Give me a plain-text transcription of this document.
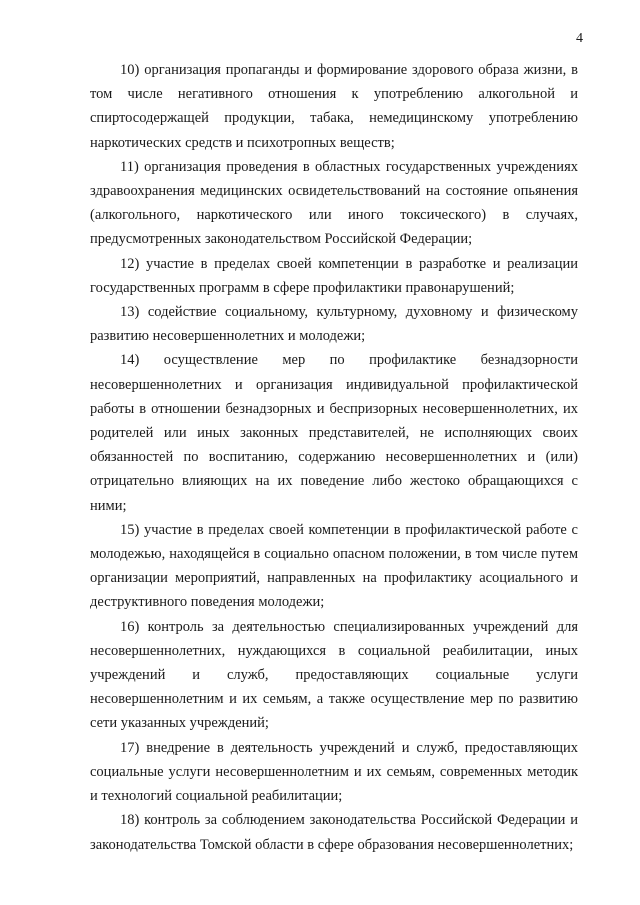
4

10) организация пропаганды и формирование здорового образа жизни, в том числе негативного отношения к употреблению алкогольной и спиртосодержащей продукции, табака, немедицинскому употреблению наркотических средств и психотропных веществ;

11) организация проведения в областных государственных учреждениях здравоохранения медицинских освидетельствований на состояние опьянения (алкогольного, наркотического или иного токсического) в случаях, предусмотренных законодательством Российской Федерации;

12) участие в пределах своей компетенции в разработке и реализации государственных программ в сфере профилактики правонарушений;

13) содействие социальному, культурному, духовному и физическому развитию несовершеннолетних и молодежи;

14) осуществление мер по профилактике безнадзорности несовершеннолетних и организация индивидуальной профилактической работы в отношении безнадзорных и беспризорных несовершеннолетних, их родителей или иных законных представителей, не исполняющих своих обязанностей по воспитанию, содержанию несовершеннолетних и (или) отрицательно влияющих на их поведение либо жестоко обращающихся с ними;

15) участие в пределах своей компетенции в профилактической работе с молодежью, находящейся в социально опасном положении, в том числе путем организации мероприятий, направленных на профилактику асоциального и деструктивного поведения молодежи;

16) контроль за деятельностью специализированных учреждений для несовершеннолетних, нуждающихся в социальной реабилитации, иных учреждений и служб, предоставляющих социальные услуги несовершеннолетним и их семьям, а также осуществление мер по развитию сети указанных учреждений;

17) внедрение в деятельность учреждений и служб, предоставляющих социальные услуги несовершеннолетним и их семьям, современных методик и технологий социальной реабилитации;

18) контроль за соблюдением законодательства Российской Федерации и законодательства Томской области в сфере образования несовершеннолетних;
